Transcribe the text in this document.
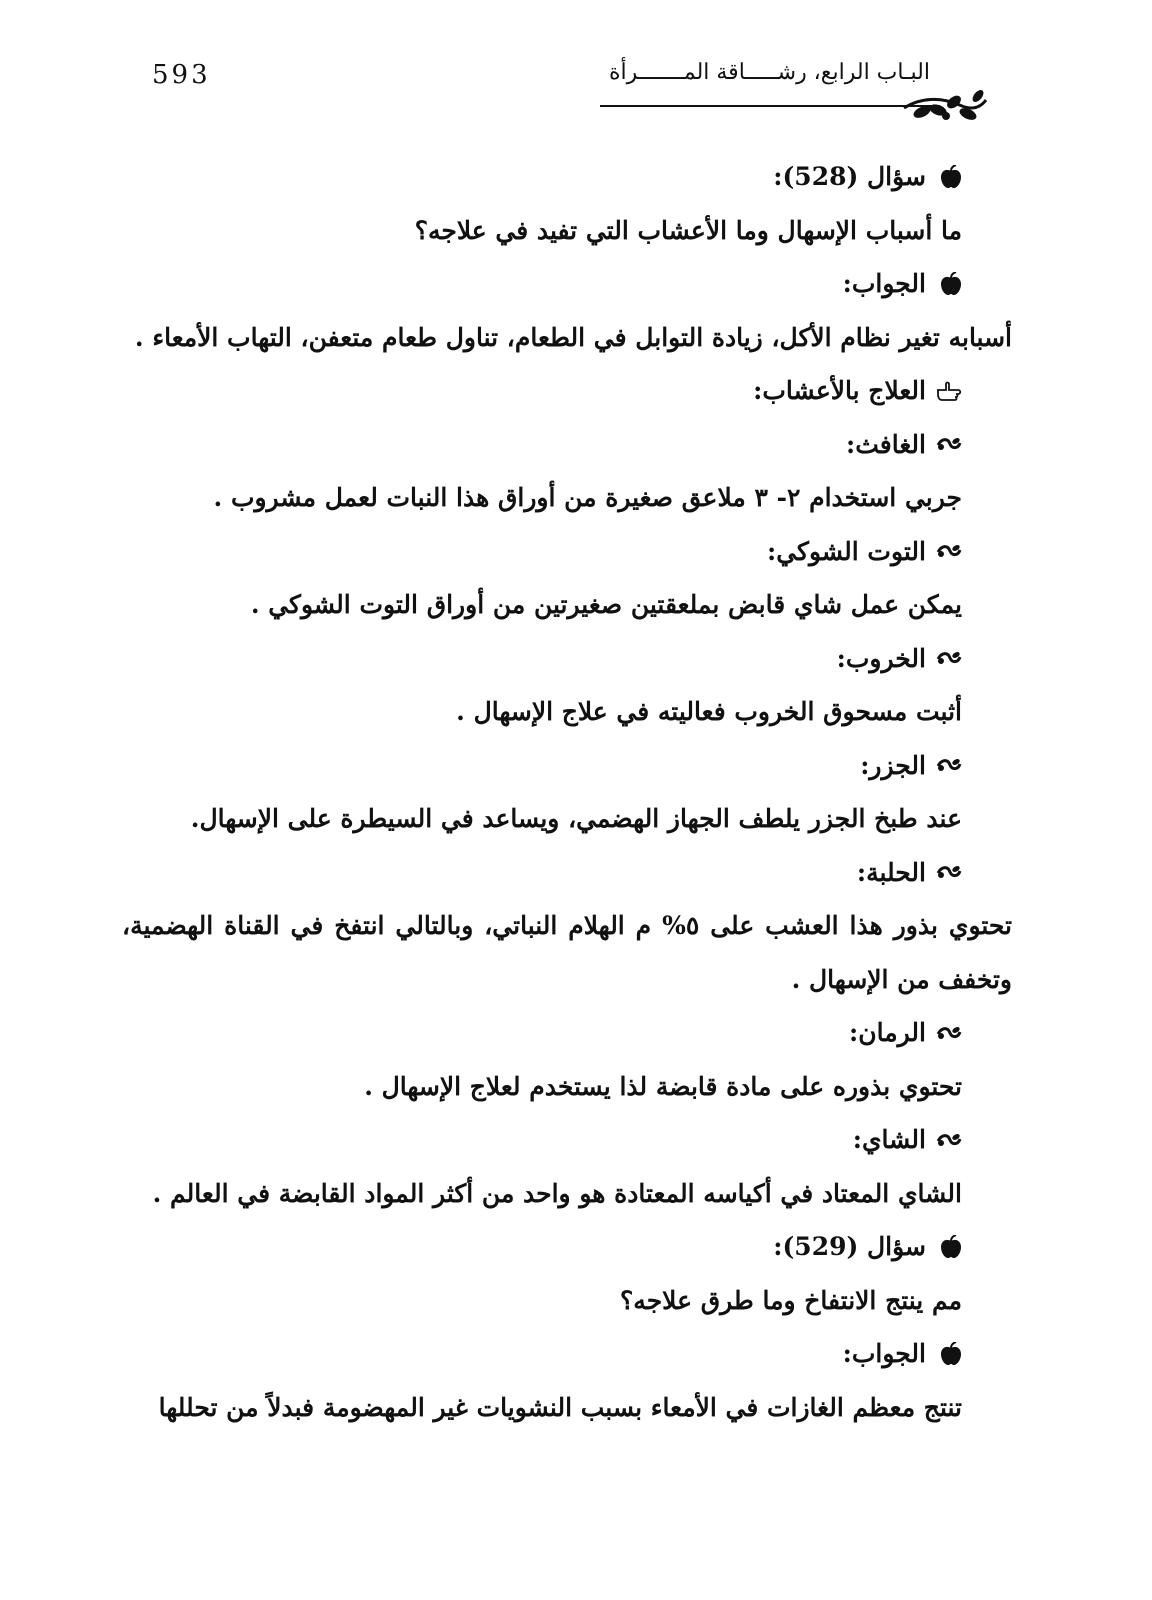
593	البـاب الرابع، رشـــــاقة المـــــــرأة
سؤال (528):
ما أسباب الإسهال وما الأعشاب التي تفيد في علاجه؟
الجواب:
أسبابه تغير نظام الأكل، زيادة التوابل في الطعام، تناول طعام متعفن، التهاب الأمعاء .
العلاج بالأعشاب:
الغافث:
جربي استخدام ٢- ٣ ملاعق صغيرة من أوراق هذا النبات لعمل مشروب .
التوت الشوكي:
يمكن عمل شاي قابض بملعقتين صغيرتين من أوراق التوت الشوكي .
الخروب:
أثبت مسحوق الخروب فعاليته في علاج الإسهال .
الجزر:
عند طبخ الجزر يلطف الجهاز الهضمي، ويساعد في السيطرة على الإسهال.
الحلبة:
تحتوي بذور هذا العشب على ٥% م الهلام النباتي، وبالتالي انتفخ في القناة الهضمية، وتخفف من الإسهال .
الرمان:
تحتوي بذوره على مادة قابضة لذا يستخدم لعلاج الإسهال .
الشاي:
الشاي المعتاد في أكياسه المعتادة هو واحد من أكثر المواد القابضة في العالم .
سؤال (529):
مم ينتج الانتفاخ وما طرق علاجه؟
الجواب:
تنتج معظم الغازات في الأمعاء بسبب النشويات غير المهضومة فبدلاً من تحللها
